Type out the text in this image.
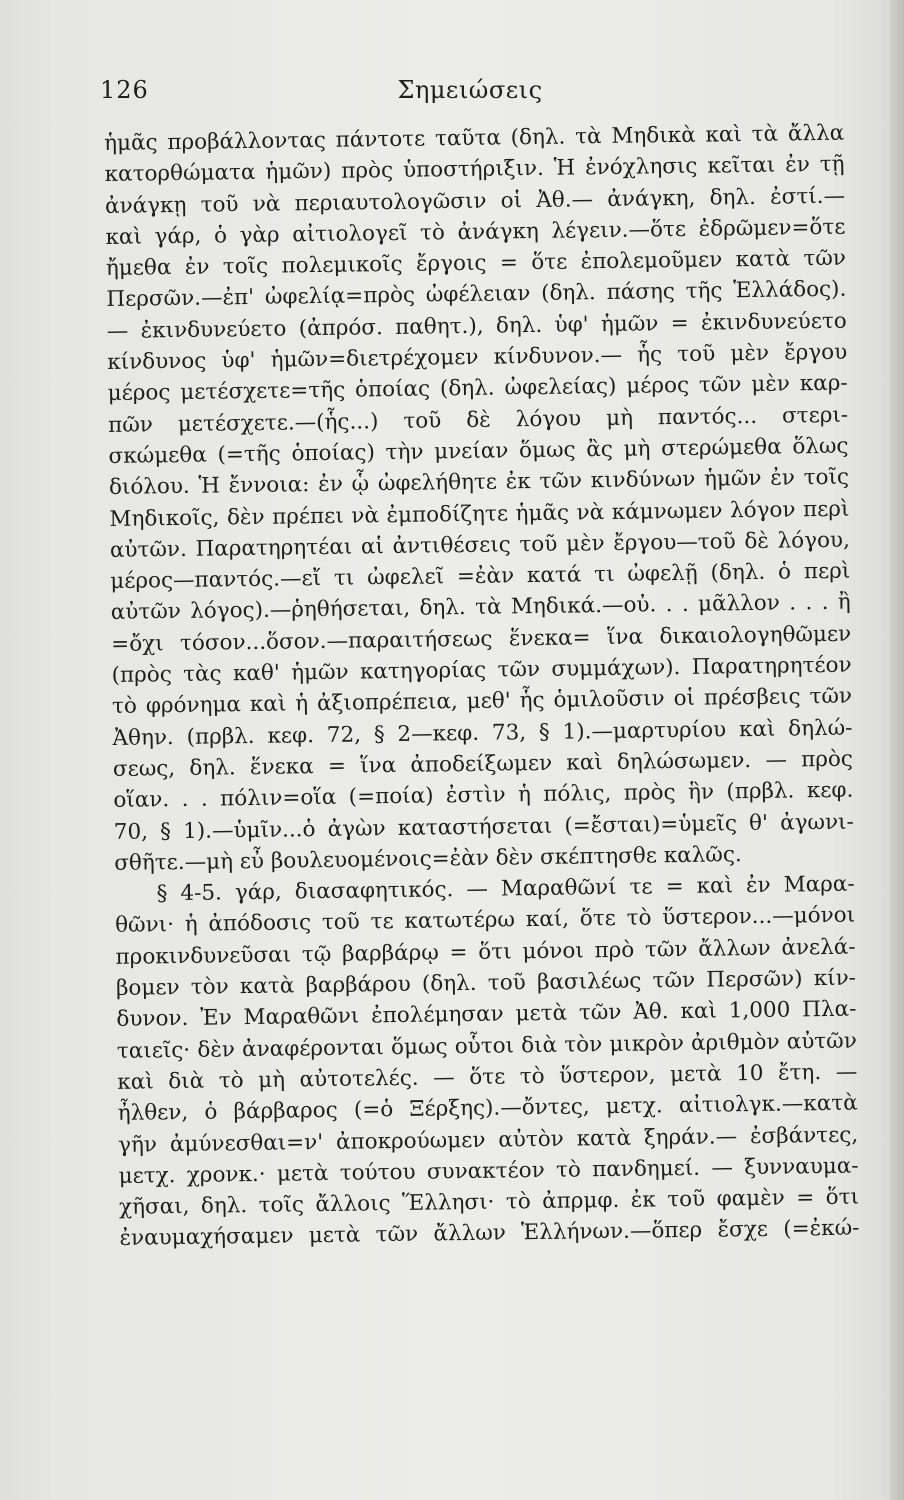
126	Σημειώσεις
ἡμᾶς προβάλλοντας πάντοτε ταῦτα (δηλ. τὰ Μηδικὰ καὶ τὰ ἄλλα
κατορθώματα ἡμῶν) πρὸς ὑποστήριξιν. Ἡ ἐνόχλησις κεῖται ἐν τῇ
ἀνάγκῃ τοῦ νὰ περιαυτολογῶσιν οἱ Ἀθ.— ἀνάγκη, δηλ. ἐστί.—
καὶ γάρ, ὁ γὰρ αἰτιολογεῖ τὸ ἀνάγκη λέγειν.—ὅτε ἐδρῶμεν=ὅτε
ἤμεθα ἐν τοῖς πολεμικοῖς ἔργοις = ὅτε ἐπολεμοῦμεν κατὰ τῶν
Περσῶν.—ἐπ' ὠφελίᾳ=πρὸς ὠφέλειαν (δηλ. πάσης τῆς Ἑλλάδος).
— ἐκινδυνεύετο (ἀπρόσ. παθητ.), δηλ. ὑφ' ἡμῶν = ἐκινδυνεύετο
κίνδυνος ὑφ' ἡμῶν=διετρέχομεν κίνδυνον.— ἧς τοῦ μὲν ἔργου
μέρος μετέσχετε=τῆς ὁποίας (δηλ. ὠφελείας) μέρος τῶν μὲν καρ-
πῶν μετέσχετε.—(ἧς...) τοῦ δὲ λόγου μὴ παντός... στερι-
σκώμεθα (=τῆς ὁποίας) τὴν μνείαν ὅμως ἂς μὴ στερώμεθα ὅλως
διόλου. Ἡ ἔννοια: ἐν ᾧ ὠφελήθητε ἐκ τῶν κινδύνων ἡμῶν ἐν τοῖς
Μηδικοῖς, δὲν πρέπει νὰ ἐμποδίζητε ἡμᾶς νὰ κάμνωμεν λόγον περὶ
αὐτῶν. Παρατηρητέαι αἱ ἀντιθέσεις τοῦ μὲν ἔργου—τοῦ δὲ λόγου,
μέρος—παντός.—εἴ τι ὠφελεῖ =ἐὰν κατά τι ὠφελῇ (δηλ. ὁ περὶ
αὐτῶν λόγος).—ῥηθήσεται, δηλ. τὰ Μηδικά.—οὐ. . . μᾶλλον . . . ἢ
=ὄχι τόσον...ὅσον.—παραιτήσεως ἕνεκα= ἵνα δικαιολογηθῶμεν
(πρὸς τὰς καθ' ἡμῶν κατηγορίας τῶν συμμάχων). Παρατηρητέον
τὸ φρόνημα καὶ ἡ ἀξιοπρέπεια, μεθ' ἧς ὁμιλοῦσιν οἱ πρέσβεις τῶν
Ἀθην. (πρβλ. κεφ. 72, § 2—κεφ. 73, § 1).—μαρτυρίου καὶ δηλώ-
σεως, δηλ. ἕνεκα = ἵνα ἀποδείξωμεν καὶ δηλώσωμεν. — πρὸς
οἵαν. . . πόλιν=οἵα (=ποία) ἐστὶν ἡ πόλις, πρὸς ἣν (πρβλ. κεφ.
70, § 1).—ὑμῖν...ὁ ἀγὼν καταστήσεται (=ἔσται)=ὑμεῖς θ' ἀγωνι-
σθῆτε.—μὴ εὖ βουλευομένοις=ἐὰν δὲν σκέπτησθε καλῶς.
§ 4-5. γάρ, διασαφητικός. — Μαραθῶνί τε = καὶ ἐν Μαρα-
θῶνι· ἡ ἀπόδοσις τοῦ τε κατωτέρω καί, ὅτε τὸ ὕστερον...—μόνοι
προκινδυνεῦσαι τῷ βαρβάρῳ = ὅτι μόνοι πρὸ τῶν ἄλλων ἀνελά-
βομεν τὸν κατὰ βαρβάρου (δηλ. τοῦ βασιλέως τῶν Περσῶν) κίν-
δυνον. Ἐν Μαραθῶνι ἐπολέμησαν μετὰ τῶν Ἀθ. καὶ 1,000 Πλα-
ταιεῖς· δὲν ἀναφέρονται ὅμως οὗτοι διὰ τὸν μικρὸν ἀριθμὸν αὐτῶν
καὶ διὰ τὸ μὴ αὐτοτελές. — ὅτε τὸ ὕστερον, μετὰ 10 ἔτη. —
ἦλθεν, ὁ βάρβαρος (=ὁ Ξέρξης).—ὄντες, μετχ. αἰτιολγκ.—κατὰ
γῆν ἀμύνεσθαι=ν' ἀποκρούωμεν αὐτὸν κατὰ ξηράν.— ἐσβάντες,
μετχ. χρονκ.· μετὰ τούτου συνακτέον τὸ πανδημεί. — ξυνναυμα-
χῆσαι, δηλ. τοῖς ἄλλοις Ἕλλησι· τὸ ἀπρμφ. ἐκ τοῦ φαμὲν = ὅτι
ἐναυμαχήσαμεν μετὰ τῶν ἄλλων Ἑλλήνων.—ὅπερ ἔσχε (=ἐκώ-
